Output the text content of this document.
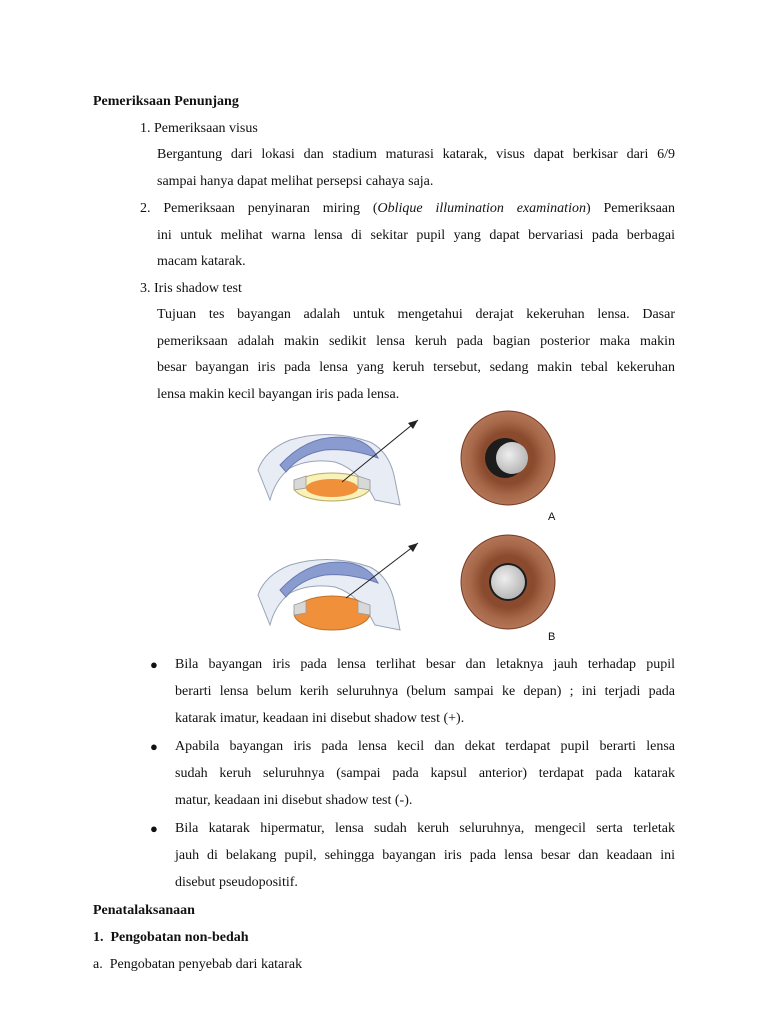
Pemeriksaan Penunjang
1. Pemeriksaan visus
Bergantung dari lokasi dan stadium maturasi katarak, visus dapat berkisar dari 6/9
sampai hanya dapat melihat persepsi cahaya saja.
2. Pemeriksaan penyinaran miring (Oblique illumination examination) Pemeriksaan
ini untuk melihat warna lensa di sekitar pupil yang dapat bervariasi pada berbagai
macam katarak.
3. Iris shadow test
Tujuan tes bayangan adalah untuk mengetahui derajat kekeruhan lensa. Dasar
pemeriksaan adalah makin sedikit lensa keruh pada bagian posterior maka makin
besar bayangan iris pada lensa yang keruh tersebut, sedang makin tebal kekeruhan
lensa makin kecil bayangan iris pada lensa.
A
B
● Bila bayangan iris pada lensa terlihat besar dan letaknya jauh terhadap pupil
berarti lensa belum kerih seluruhnya (belum sampai ke depan) ; ini terjadi pada
katarak imatur, keadaan ini disebut shadow test (+).
● Apabila bayangan iris pada lensa kecil dan dekat terdapat pupil berarti lensa
sudah keruh seluruhnya (sampai pada kapsul anterior) terdapat pada katarak
matur, keadaan ini disebut shadow test (-).
● Bila katarak hipermatur, lensa sudah keruh seluruhnya, mengecil serta terletak
jauh di belakang pupil, sehingga bayangan iris pada lensa besar dan keadaan ini
disebut pseudopositif.
Penatalaksanaan
1.  Pengobatan non-bedah
a.  Pengobatan penyebab dari katarak
